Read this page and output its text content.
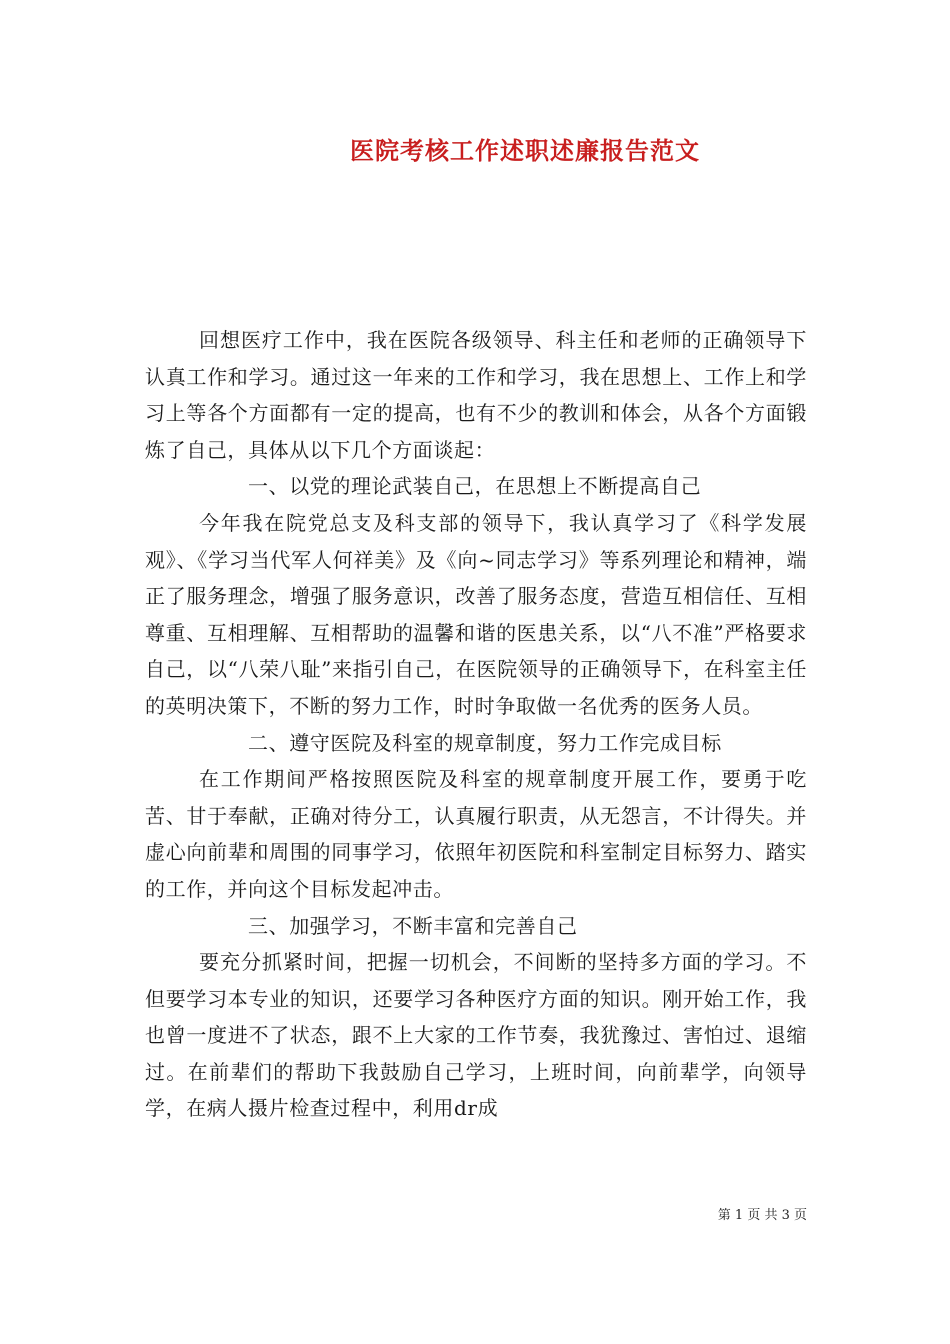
医院考核工作述职述廉报告范文

回想医疗工作中，我在医院各级领导、科主任和老师的正确领导下认真工作和学习。通过这一年来的工作和学习，我在思想上、工作上和学习上等各个方面都有一定的提高，也有不少的教训和体会，从各个方面锻炼了自己，具体从以下几个方面谈起：

一、以党的理论武装自己，在思想上不断提高自己

今年我在院党总支及科支部的领导下，我认真学习了《科学发展观》、《学习当代军人何祥美》及《向~同志学习》等系列理论和精神，端正了服务理念，增强了服务意识，改善了服务态度，营造互相信任、互相尊重、互相理解、互相帮助的温馨和谐的医患关系，以“八不准”严格要求自己，以“八荣八耻”来指引自己，在医院领导的正确领导下，在科室主任的英明决策下，不断的努力工作，时时争取做一名优秀的医务人员。

二、遵守医院及科室的规章制度，努力工作完成目标

在工作期间严格按照医院及科室的规章制度开展工作，要勇于吃苦、甘于奉献，正确对待分工，认真履行职责，从无怨言，不计得失。并虚心向前辈和周围的同事学习，依照年初医院和科室制定目标努力、踏实的工作，并向这个目标发起冲击。

三、加强学习，不断丰富和完善自己

要充分抓紧时间，把握一切机会，不间断的坚持多方面的学习。不但要学习本专业的知识，还要学习各种医疗方面的知识。刚开始工作，我也曾一度进不了状态，跟不上大家的工作节奏，我犹豫过、害怕过、退缩过。在前辈们的帮助下我鼓励自己学习，上班时间，向前辈学，向领导学，在病人摄片检查过程中，利用dr成

第 1 页 共 3 页
